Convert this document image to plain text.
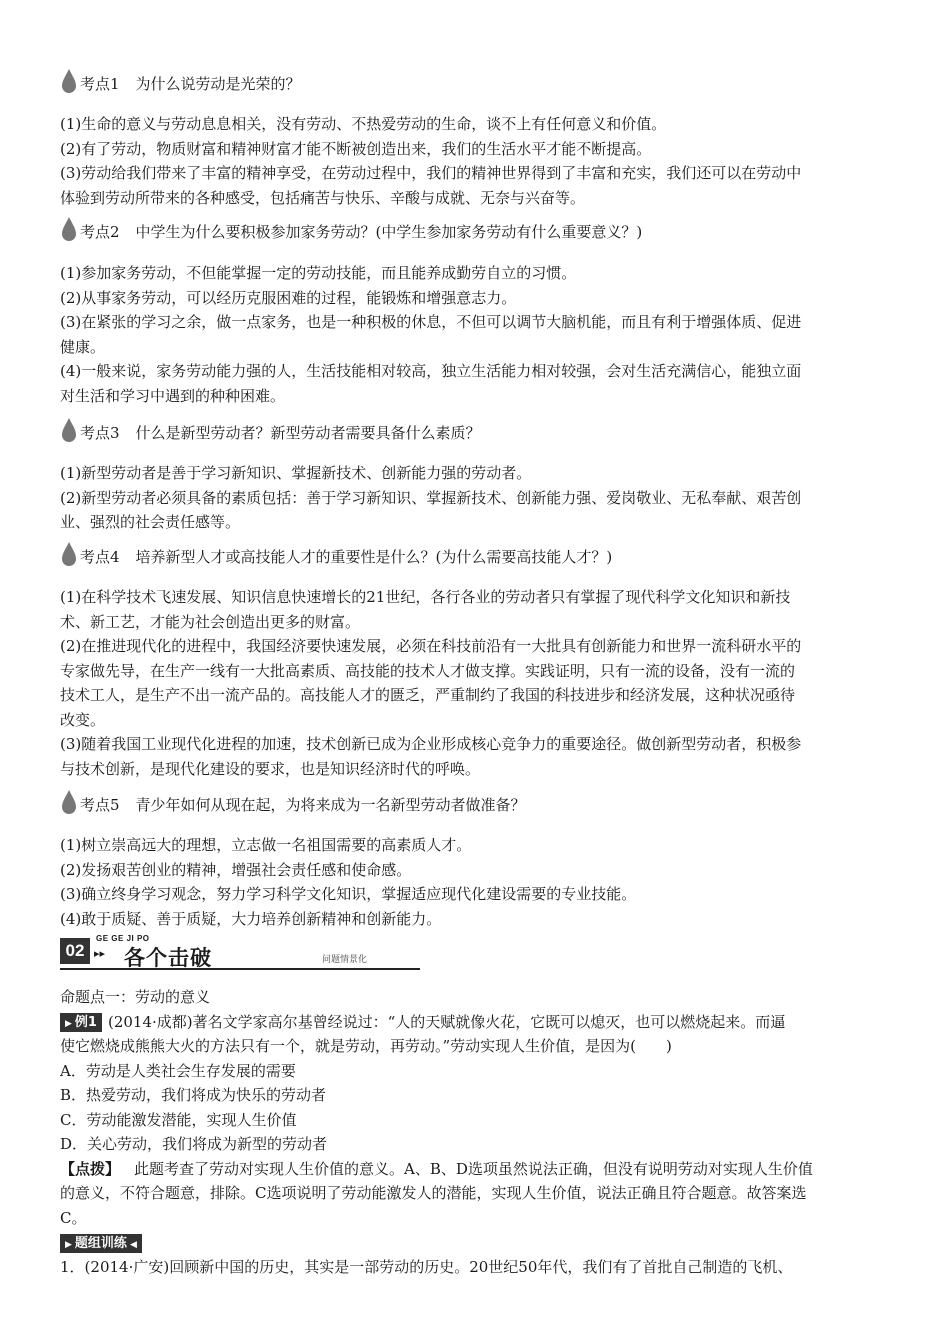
考点1 为什么说劳动是光荣的？
(1)生命的意义与劳动息息相关，没有劳动、不热爱劳动的生命，谈不上有任何意义和价值。
(2)有了劳动，物质财富和精神财富才能不断被创造出来，我们的生活水平才能不断提高。
(3)劳动给我们带来了丰富的精神享受，在劳动过程中，我们的精神世界得到了丰富和充实，我们还可以在劳动中
体验到劳动所带来的各种感受，包括痛苦与快乐、辛酸与成就、无奈与兴奋等。
考点2 中学生为什么要积极参加家务劳动？(中学生参加家务劳动有什么重要意义？)
(1)参加家务劳动，不但能掌握一定的劳动技能，而且能养成勤劳自立的习惯。
(2)从事家务劳动，可以经历克服困难的过程，能锻炼和增强意志力。
(3)在紧张的学习之余，做一点家务，也是一种积极的休息，不但可以调节大脑机能，而且有利于增强体质、促进
健康。
(4)一般来说，家务劳动能力强的人，生活技能相对较高，独立生活能力相对较强，会对生活充满信心，能独立面
对生活和学习中遇到的种种困难。
考点3 什么是新型劳动者？新型劳动者需要具备什么素质？
(1)新型劳动者是善于学习新知识、掌握新技术、创新能力强的劳动者。
(2)新型劳动者必须具备的素质包括：善于学习新知识、掌握新技术、创新能力强、爱岗敬业、无私奉献、艰苦创
业、强烈的社会责任感等。
考点4 培养新型人才或高技能人才的重要性是什么？(为什么需要高技能人才？)
(1)在科学技术飞速发展、知识信息快速增长的21世纪，各行各业的劳动者只有掌握了现代科学文化知识和新技
术、新工艺，才能为社会创造出更多的财富。
(2)在推进现代化的进程中，我国经济要快速发展，必须在科技前沿有一大批具有创新能力和世界一流科研水平的
专家做先导，在生产一线有一大批高素质、高技能的技术人才做支撑。实践证明，只有一流的设备，没有一流的
技术工人，是生产不出一流产品的。高技能人才的匮乏，严重制约了我国的科技进步和经济发展，这种状况亟待
改变。
(3)随着我国工业现代化进程的加速，技术创新已成为企业形成核心竞争力的重要途径。做创新型劳动者，积极参
与技术创新，是现代化建设的要求，也是知识经济时代的呼唤。
考点5 青少年如何从现在起，为将来成为一名新型劳动者做准备？
(1)树立崇高远大的理想，立志做一名祖国需要的高素质人才。
(2)发扬艰苦创业的精神，增强社会责任感和使命感。
(3)确立终身学习观念，努力学习科学文化知识，掌握适应现代化建设需要的专业技能。
(4)敢于质疑、善于质疑，大力培养创新精神和创新能力。
02
GE GE JI PO
▸▸ 各个击破	问题情景化
命题点一：劳动的意义
▶ 例1 (2014·成都)著名文学家高尔基曾经说过：“人的天赋就像火花，它既可以熄灭，也可以燃烧起来。而逼
使它燃烧成熊熊大火的方法只有一个，就是劳动，再劳动。”劳动实现人生价值，是因为(　　)
A．劳动是人类社会生存发展的需要
B．热爱劳动，我们将成为快乐的劳动者
C．劳动能激发潜能，实现人生价值
D．关心劳动，我们将成为新型的劳动者
【点拨】 此题考查了劳动对实现人生价值的意义。A、B、D选项虽然说法正确，但没有说明劳动对实现人生价值
的意义，不符合题意，排除。C选项说明了劳动能激发人的潜能，实现人生价值，说法正确且符合题意。故答案选
C。
▶ 题组训练 ◀
1．(2014·广安)回顾新中国的历史，其实是一部劳动的历史。20世纪50年代，我们有了首批自己制造的飞机、
